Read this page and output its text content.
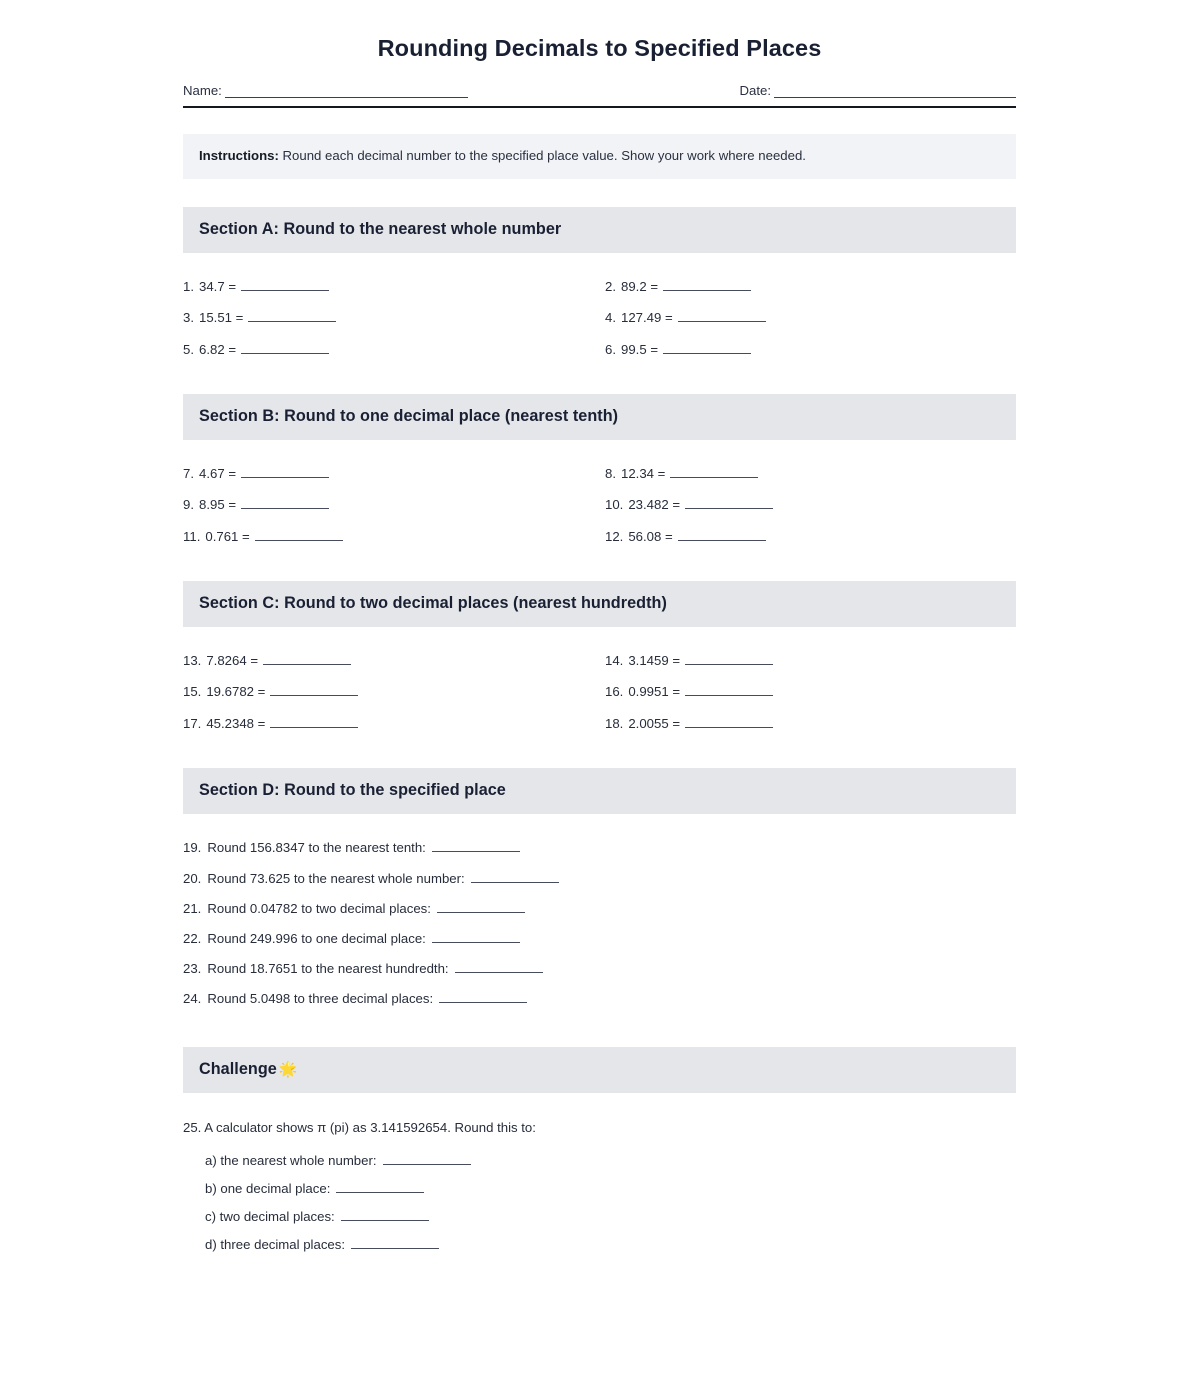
Rounding Decimals to Specified Places
Name:	Date:
Instructions: Round each decimal number to the specified place value. Show your work where needed.
Section A: Round to the nearest whole number
1. 34.7 =	2. 89.2 =
3. 15.51 =	4. 127.49 =
5. 6.82 =	6. 99.5 =
Section B: Round to one decimal place (nearest tenth)
7. 4.67 =	8. 12.34 =
9. 8.95 =	10. 23.482 =
11. 0.761 =	12. 56.08 =
Section C: Round to two decimal places (nearest hundredth)
13. 7.8264 =	14. 3.1459 =
15. 19.6782 =	16. 0.9951 =
17. 45.2348 =	18. 2.0055 =
Section D: Round to the specified place
19. Round 156.8347 to the nearest tenth:
20. Round 73.625 to the nearest whole number:
21. Round 0.04782 to two decimal places:
22. Round 249.996 to one decimal place:
23. Round 18.7651 to the nearest hundredth:
24. Round 5.0498 to three decimal places:
Challenge 🌟
25. A calculator shows π (pi) as 3.141592654. Round this to:
a) the nearest whole number:
b) one decimal place:
c) two decimal places:
d) three decimal places:
